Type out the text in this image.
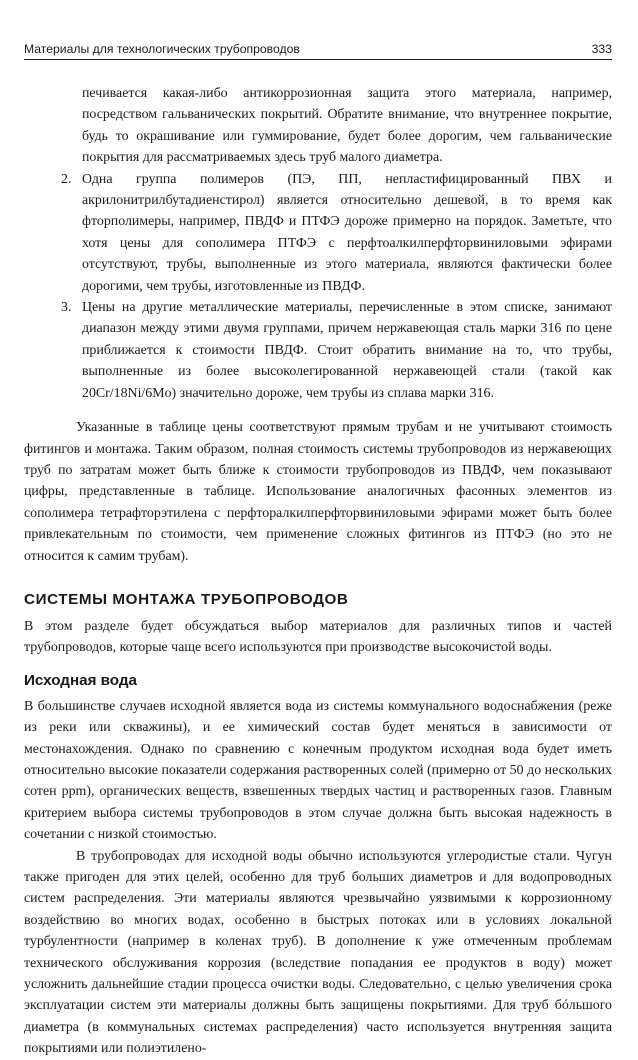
Материалы для технологических трубопроводов	333

печивается какая-либо антикоррозионная защита этого материала, например, посредством гальванических покрытий. Обратите внимание, что внутреннее покрытие, будь то окрашивание или гуммирование, будет более дорогим, чем гальванические покрытия для рассматриваемых здесь труб малого диаметра.

2. Одна группа полимеров (ПЭ, ПП, непластифицированный ПВХ и акрилонитрилбутадиенстирол) является относительно дешевой, в то время как фторполимеры, например, ПВДФ и ПТФЭ дороже примерно на порядок. Заметьте, что хотя цены для сополимера ПТФЭ с перфтоалкилперфторвиниловыми эфирами отсутствуют, трубы, выполненные из этого материала, являются фактически более дорогими, чем трубы, изготовленные из ПВДФ.
3. Цены на другие металлические материалы, перечисленные в этом списке, занимают диапазон между этими двумя группами, причем нержавеющая сталь марки 316 по цене приближается к стоимости ПВДФ. Стоит обратить внимание на то, что трубы, выполненные из более высоколегированной нержавеющей стали (такой как 20Cr/18Ni/6Mo) значительно дороже, чем трубы из сплава марки 316.

Указанные в таблице цены соответствуют прямым трубам и не учитывают стоимость фитингов и монтажа. Таким образом, полная стоимость системы трубопроводов из нержавеющих труб по затратам может быть ближе к стоимости трубопроводов из ПВДФ, чем показывают цифры, представленные в таблице. Использование аналогичных фасонных элементов из сополимера тетрафторэтилена с перфторалкилперфторвиниловыми эфирами может быть более привлекательным по стоимости, чем применение сложных фитингов из ПТФЭ (но это не относится к самим трубам).

СИСТЕМЫ МОНТАЖА ТРУБОПРОВОДОВ

В этом разделе будет обсуждаться выбор материалов для различных типов и частей трубопроводов, которые чаще всего используются при производстве высокочистой воды.

Исходная вода

В большинстве случаев исходной является вода из системы коммунального водоснабжения (реже из реки или скважины), и ее химический состав будет меняться в зависимости от местонахождения. Однако по сравнению с конечным продуктом исходная вода будет иметь относительно высокие показатели содержания растворенных солей (примерно от 50 до нескольких сотен ppm), органических веществ, взвешенных твердых частиц и растворенных газов. Главным критерием выбора системы трубопроводов в этом случае должна быть высокая надежность в сочетании с низкой стоимостью.

В трубопроводах для исходной воды обычно используются углеродистые стали. Чугун также пригоден для этих целей, особенно для труб больших диаметров и для водопроводных систем распределения. Эти материалы являются чрезвычайно уязвимыми к коррозионному воздействию во многих водах, особенно в быстрых потоках или в условиях локальной турбулентности (например в коленах труб). В дополнение к уже отмеченным проблемам технического обслуживания коррозия (вследствие попадания ее продуктов в воду) может усложнить дальнейшие стадии процесса очистки воды. Следовательно, с целью увеличения срока эксплуатации систем эти материалы должны быть защищены покрытиями. Для труб бóльшого диаметра (в коммунальных системах распределения) часто используется внутренняя защита покрытиями или полиэтилено-
